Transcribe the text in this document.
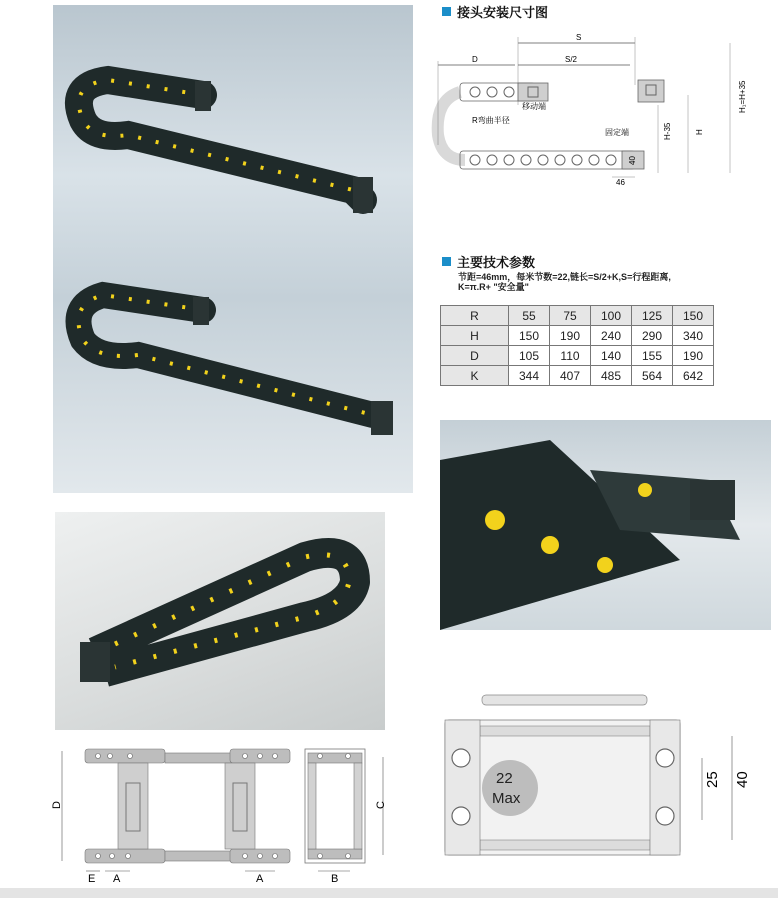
接头安装尺寸图
S
S/2
D
移动端
R弯曲半径
固定端	H-35	H
H₁=H+35
40
46
主要技术参数
节距=46mm，每米节数=22,链长=S/2+K,S=行程距离,
K=π.R+ "安全量"
R	55	75	100	125	150
H	150	190	240	290	340
D	105	110	140	155	190
K	344	407	485	564	642
D	C
E A	A	B
22
Max
25 40
